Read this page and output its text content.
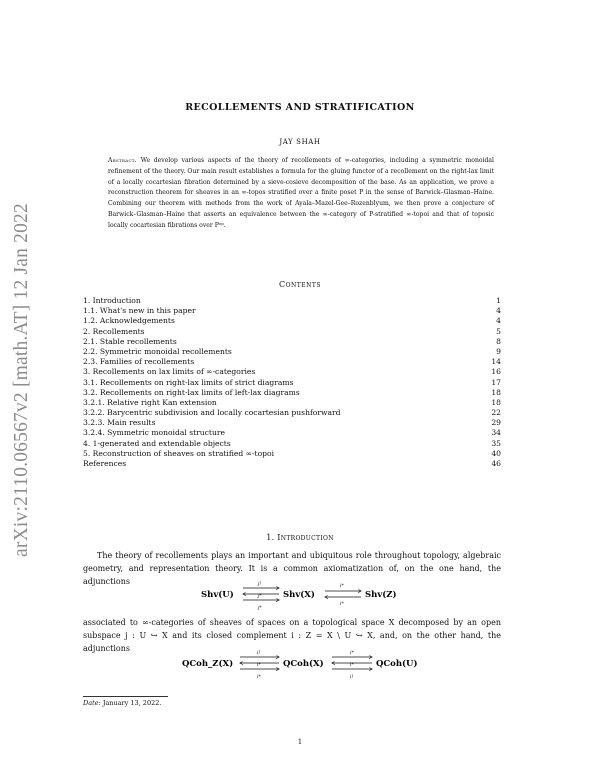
arXiv:2110.06567v2 [math.AT] 12 Jan 2022
RECOLLEMENTS AND STRATIFICATION
JAY SHAH
Abstract. We develop various aspects of the theory of recollements of ∞-categories, including a symmetric monoidal refinement of the theory. Our main result establishes a formula for the gluing functor of a recollement on the right-lax limit of a locally cocartesian fibration determined by a sieve-cosieve decomposition of the base. As an application, we prove a reconstruction theorem for sheaves in an ∞-topos stratified over a finite poset P in the sense of Barwick–Glasman–Haine. Combining our theorem with methods from the work of Ayala–Mazel-Gee–Rozenblyum, we then prove a conjecture of Barwick–Glasman–Haine that asserts an equivalence between the ∞-category of P-stratified ∞-topoi and that of toposic locally cocartesian fibrations over Pᵒᵖ.
Contents
1. Introduction	1
1.1. What's new in this paper	4
1.2. Acknowledgements	4
2. Recollements	5
2.1. Stable recollements	8
2.2. Symmetric monoidal recollements	9
2.3. Families of recollements	14
3. Recollements on lax limits of ∞-categories	16
3.1. Recollements on right-lax limits of strict diagrams	17
3.2. Recollements on right-lax limits of left-lax diagrams	18
3.2.1. Relative right Kan extension	18
3.2.2. Barycentric subdivision and locally cocartesian pushforward	22
3.2.3. Main results	29
3.2.4. Symmetric monoidal structure	34
4. 1-generated and extendable objects	35
5. Reconstruction of sheaves on stratified ∞-topoi	40
References	46
1. Introduction
The theory of recollements plays an important and ubiquitous role throughout topology, algebraic geometry, and representation theory. It is a common axiomatization of, on the one hand, the adjunctions
Shv(U)	Shv(X)	Shv(Z)
j!
j*
j*
i*
i*
associated to ∞-categories of sheaves of spaces on a topological space X decomposed by an open subspace j : U ↪ X and its closed complement i : Z = X \ U ↪ X, and, on the other hand, the adjunctions
QCoh_Z(X)	QCoh(X)	QCoh(U)
i!
i*
i*
i*
i*
i!
Date: January 13, 2022.
1
